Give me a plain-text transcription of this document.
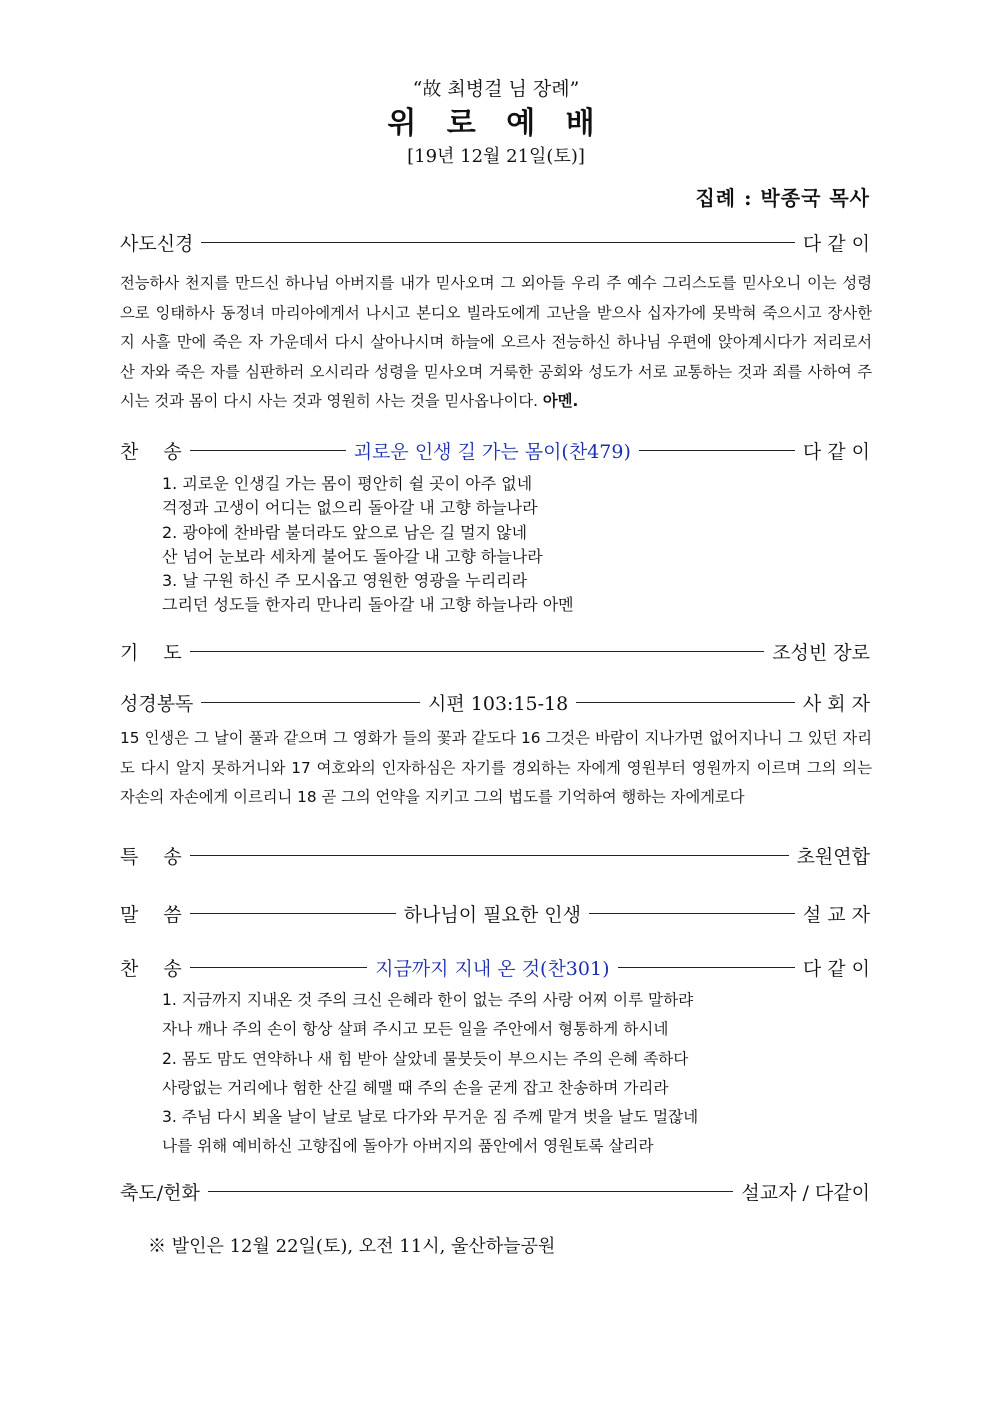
“故 최병걸 님 장례”
위 로 예 배
[19년 12월 21일(토)]
집례 : 박종국 목사
사도신경	다 같 이
전능하사 천지를 만드신 하나님 아버지를 내가 믿사오며 그 외아들 우리 주 예수 그리스도를 믿사오니 이는 성령으로 잉태하사 동정녀 마리아에게서 나시고 본디오 빌라도에게 고난을 받으사 십자가에 못박혀 죽으시고 장사한지 사흘 만에 죽은 자 가운데서 다시 살아나시며 하늘에 오르사 전능하신 하나님 우편에 앉아계시다가 저리로서 산 자와 죽은 자를 심판하러 오시리라 성령을 믿사오며 거룩한 공회와 성도가 서로 교통하는 것과 죄를 사하여 주시는 것과 몸이 다시 사는 것과 영원히 사는 것을 믿사옵나이다. 아멘.
찬　 송	괴로운 인생 길 가는 몸이(찬479)	다 같 이
1. 괴로운 인생길 가는 몸이 평안히 쉴 곳이 아주 없네
걱정과 고생이 어디는 없으리 돌아갈 내 고향 하늘나라
2. 광야에 찬바람 불더라도 앞으로 남은 길 멀지 않네
산 넘어 눈보라 세차게 불어도 돌아갈 내 고향 하늘나라
3. 날 구원 하신 주 모시옵고 영원한 영광을 누리리라
그리던 성도들 한자리 만나리 돌아갈 내 고향 하늘나라 아멘
기　 도	조성빈 장로
성경봉독	시편 103:15-18	사 회 자
15 인생은 그 날이 풀과 같으며 그 영화가 들의 꽃과 같도다 16 그것은 바람이 지나가면 없어지나니 그 있던 자리도 다시 알지 못하거니와 17 여호와의 인자하심은 자기를 경외하는 자에게 영원부터 영원까지 이르며 그의 의는 자손의 자손에게 이르리니 18 곧 그의 언약을 지키고 그의 법도를 기억하여 행하는 자에게로다
특　 송	초원연합
말　 씀	하나님이 필요한 인생	설 교 자
찬　 송	지금까지 지내 온 것(찬301)	다 같 이
1. 지금까지 지내온 것 주의 크신 은혜라 한이 없는 주의 사랑 어찌 이루 말하랴
자나 깨나 주의 손이 항상 살펴 주시고 모든 일을 주안에서 형통하게 하시네
2. 몸도 맘도 연약하나 새 힘 받아 살았네 물붓듯이 부으시는 주의 은혜 족하다
사랑없는 거리에나 험한 산길 헤맬 때 주의 손을 굳게 잡고 찬송하며 가리라
3. 주님 다시 뵈올 날이 날로 날로 다가와 무거운 짐 주께 맡겨 벗을 날도 멀잖네
나를 위해 예비하신 고향집에 돌아가 아버지의 품안에서 영원토록 살리라
축도/헌화	설교자 / 다같이
※ 발인은 12월 22일(토), 오전 11시, 울산하늘공원
